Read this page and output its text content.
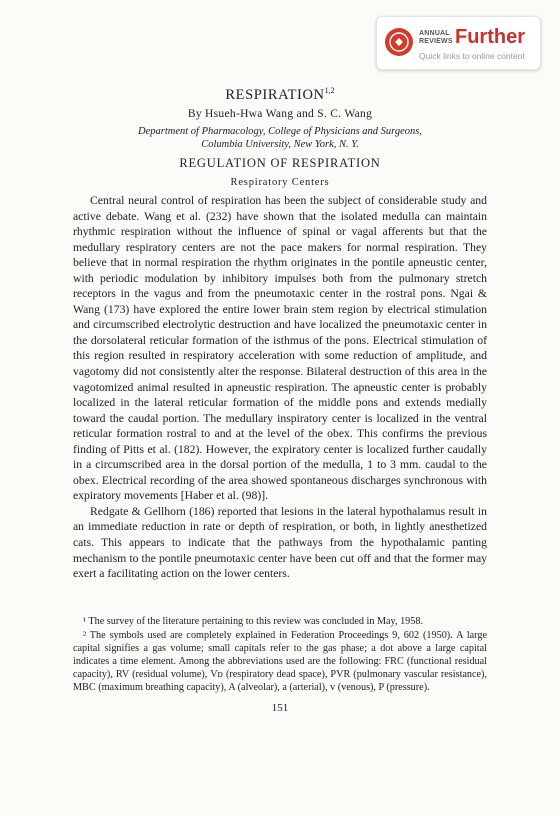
ANNUAL
REVIEWS Further
Quick links to online content
RESPIRATION$^{1,2}$
By Hsueh-Hwa Wang and S. C. Wang
Department of Pharmacology, College of Physicians and Surgeons,
Columbia University, New York, N. Y.
REGULATION OF RESPIRATION
Respiratory Centers

Central neural control of respiration has been the subject of considerable study and active debate. Wang et al. (232) have shown that the isolated medulla can maintain rhythmic respiration without the influence of spinal or vagal afferents but that the medullary respiratory centers are not the pace makers for normal respiration. They believe that in normal respiration the rhythm originates in the pontile apneustic center, with periodic modulation by inhibitory impulses both from the pulmonary stretch receptors in the vagus and from the pneumotaxic center in the rostral pons. Ngai & Wang (173) have explored the entire lower brain stem region by electrical stimulation and circumscribed electrolytic destruction and have localized the pneumotaxic center in the dorsolateral reticular formation of the isthmus of the pons. Electrical stimulation of this region resulted in respiratory acceleration with some reduction of amplitude, and vagotomy did not consistently alter the response. Bilateral destruction of this area in the vagotomized animal resulted in apneustic respiration. The apneustic center is probably localized in the lateral reticular formation of the middle pons and extends medially toward the caudal portion. The medullary inspiratory center is localized in the ventral reticular formation rostral to and at the level of the obex. This confirms the previous finding of Pitts et al. (182). However, the expiratory center is localized further caudally in a circumscribed area in the dorsal portion of the medulla, 1 to 3 mm. caudal to the obex. Electrical recording of the area showed spontaneous discharges synchronous with expiratory movements [Haber et al. (98)].

Redgate & Gellhorn (186) reported that lesions in the lateral hypothalamus result in an immediate reduction in rate or depth of respiration, or both, in lightly anesthetized cats. This appears to indicate that the pathways from the hypothalamic panting mechanism to the pontile pneumotaxic center have been cut off and that the former may exert a facilitating action on the lower centers.

¹ The survey of the literature pertaining to this review was concluded in May, 1958.

² The symbols used are completely explained in Federation Proceedings 9, 602 (1950). A large capital signifies a gas volume; small capitals refer to the gas phase; a dot above a large capital indicates a time element. Among the abbreviations used are the following: FRC (functional residual capacity), RV (residual volume), Vᴅ (respiratory dead space), PVR (pulmonary vascular resistance), MBC (maximum breathing capacity), A (alveolar), a (arterial), v (venous), P (pressure).

151
